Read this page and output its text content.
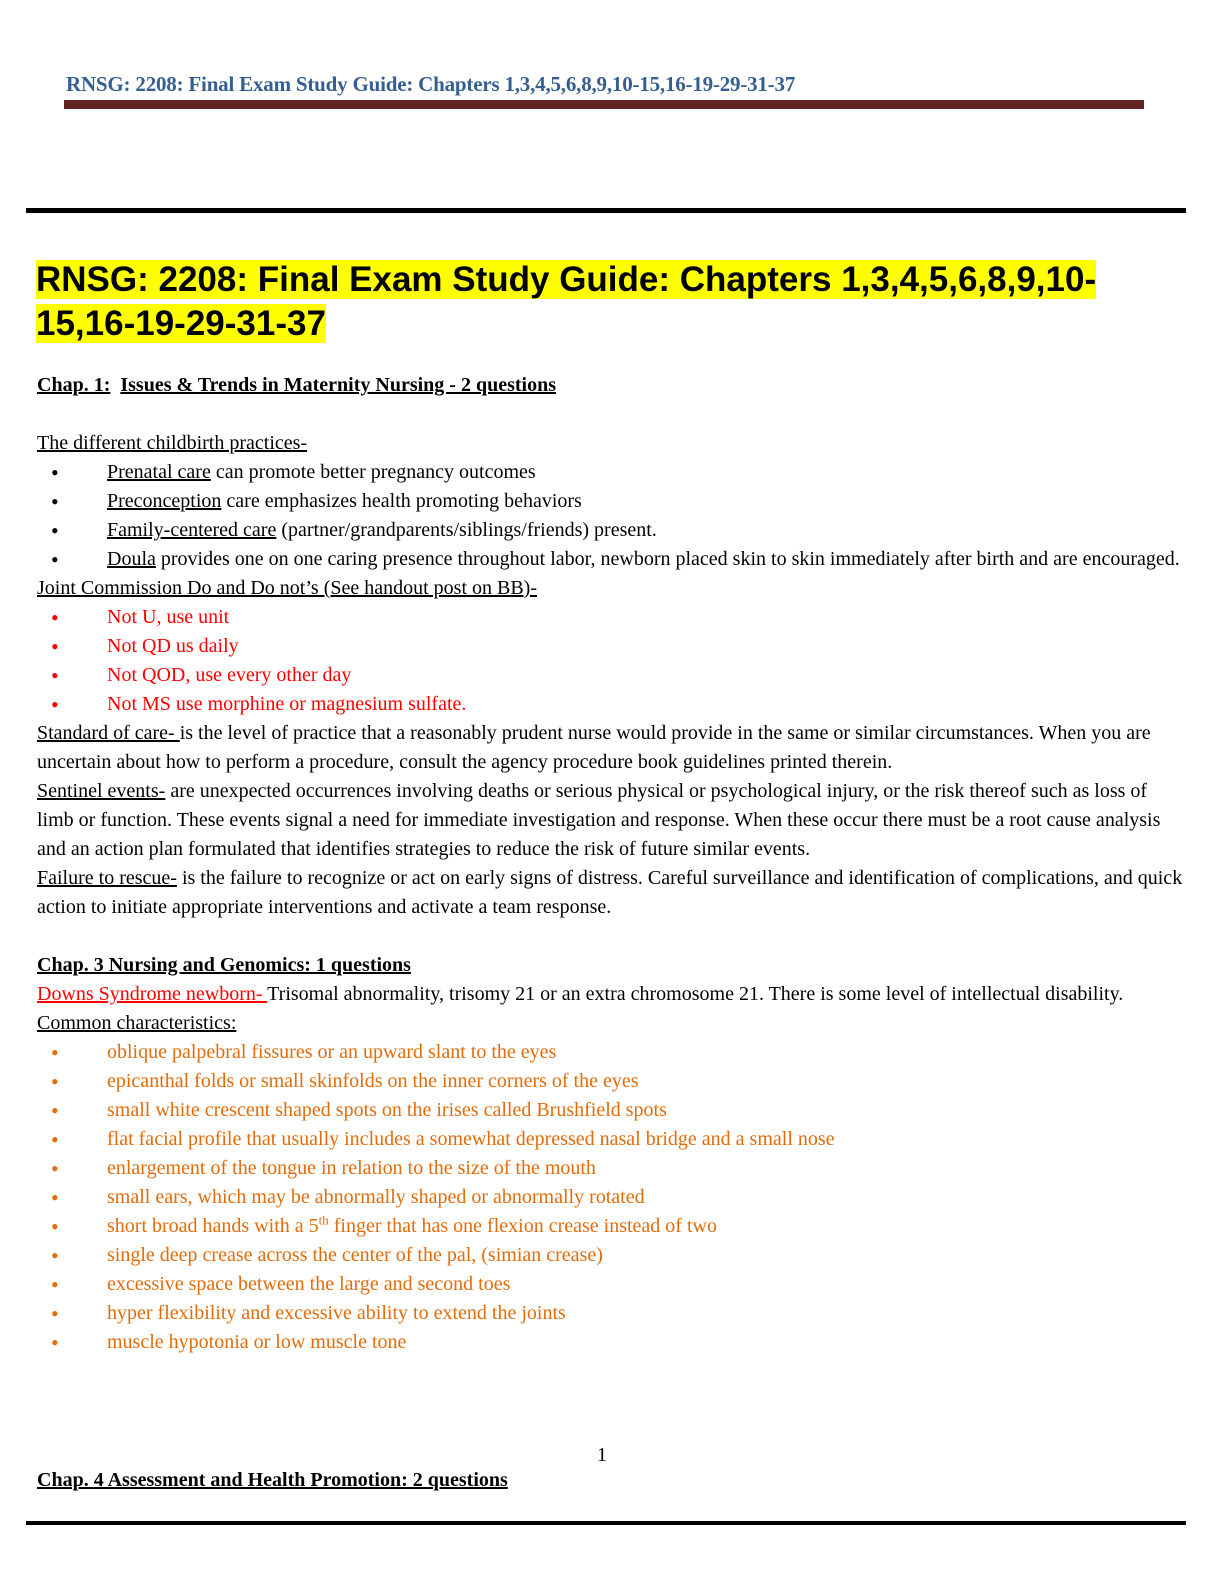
RNSG: 2208: Final Exam Study Guide: Chapters 1,3,4,5,6,8,9,10-15,16-19-29-31-37
RNSG: 2208: Final Exam Study Guide: Chapters 1,3,4,5,6,8,9,10-
15,16-19-29-31-37
Chap. 1: Issues & Trends in Maternity Nursing - 2 questions
The different childbirth practices-
• Prenatal care can promote better pregnancy outcomes
• Preconception care emphasizes health promoting behaviors
• Family-centered care (partner/grandparents/siblings/friends) present.
• Doula provides one on one caring presence throughout labor, newborn placed skin to skin immediately after birth and are encouraged.
Joint Commission Do and Do not’s (See handout post on BB)-
• Not U, use unit
• Not QD us daily
• Not QOD, use every other day
• Not MS use morphine or magnesium sulfate.
Standard of care- is the level of practice that a reasonably prudent nurse would provide in the same or similar circumstances. When you are uncertain about how to perform a procedure, consult the agency procedure book guidelines printed therein.
Sentinel events- are unexpected occurrences involving deaths or serious physical or psychological injury, or the risk thereof such as loss of limb or function. These events signal a need for immediate investigation and response. When these occur there must be a root cause analysis and an action plan formulated that identifies strategies to reduce the risk of future similar events.
Failure to rescue- is the failure to recognize or act on early signs of distress. Careful surveillance and identification of complications, and quick action to initiate appropriate interventions and activate a team response.
Chap. 3 Nursing and Genomics: 1 questions
Downs Syndrome newborn- Trisomal abnormality, trisomy 21 or an extra chromosome 21. There is some level of intellectual disability.
Common characteristics:
• oblique palpebral fissures or an upward slant to the eyes
• epicanthal folds or small skinfolds on the inner corners of the eyes
• small white crescent shaped spots on the irises called Brushfield spots
• flat facial profile that usually includes a somewhat depressed nasal bridge and a small nose
• enlargement of the tongue in relation to the size of the mouth
• small ears, which may be abnormally shaped or abnormally rotated
• short broad hands with a 5th finger that has one flexion crease instead of two
• single deep crease across the center of the pal, (simian crease)
• excessive space between the large and second toes
• hyper flexibility and excessive ability to extend the joints
• muscle hypotonia or low muscle tone
1
Chap. 4 Assessment and Health Promotion: 2 questions
